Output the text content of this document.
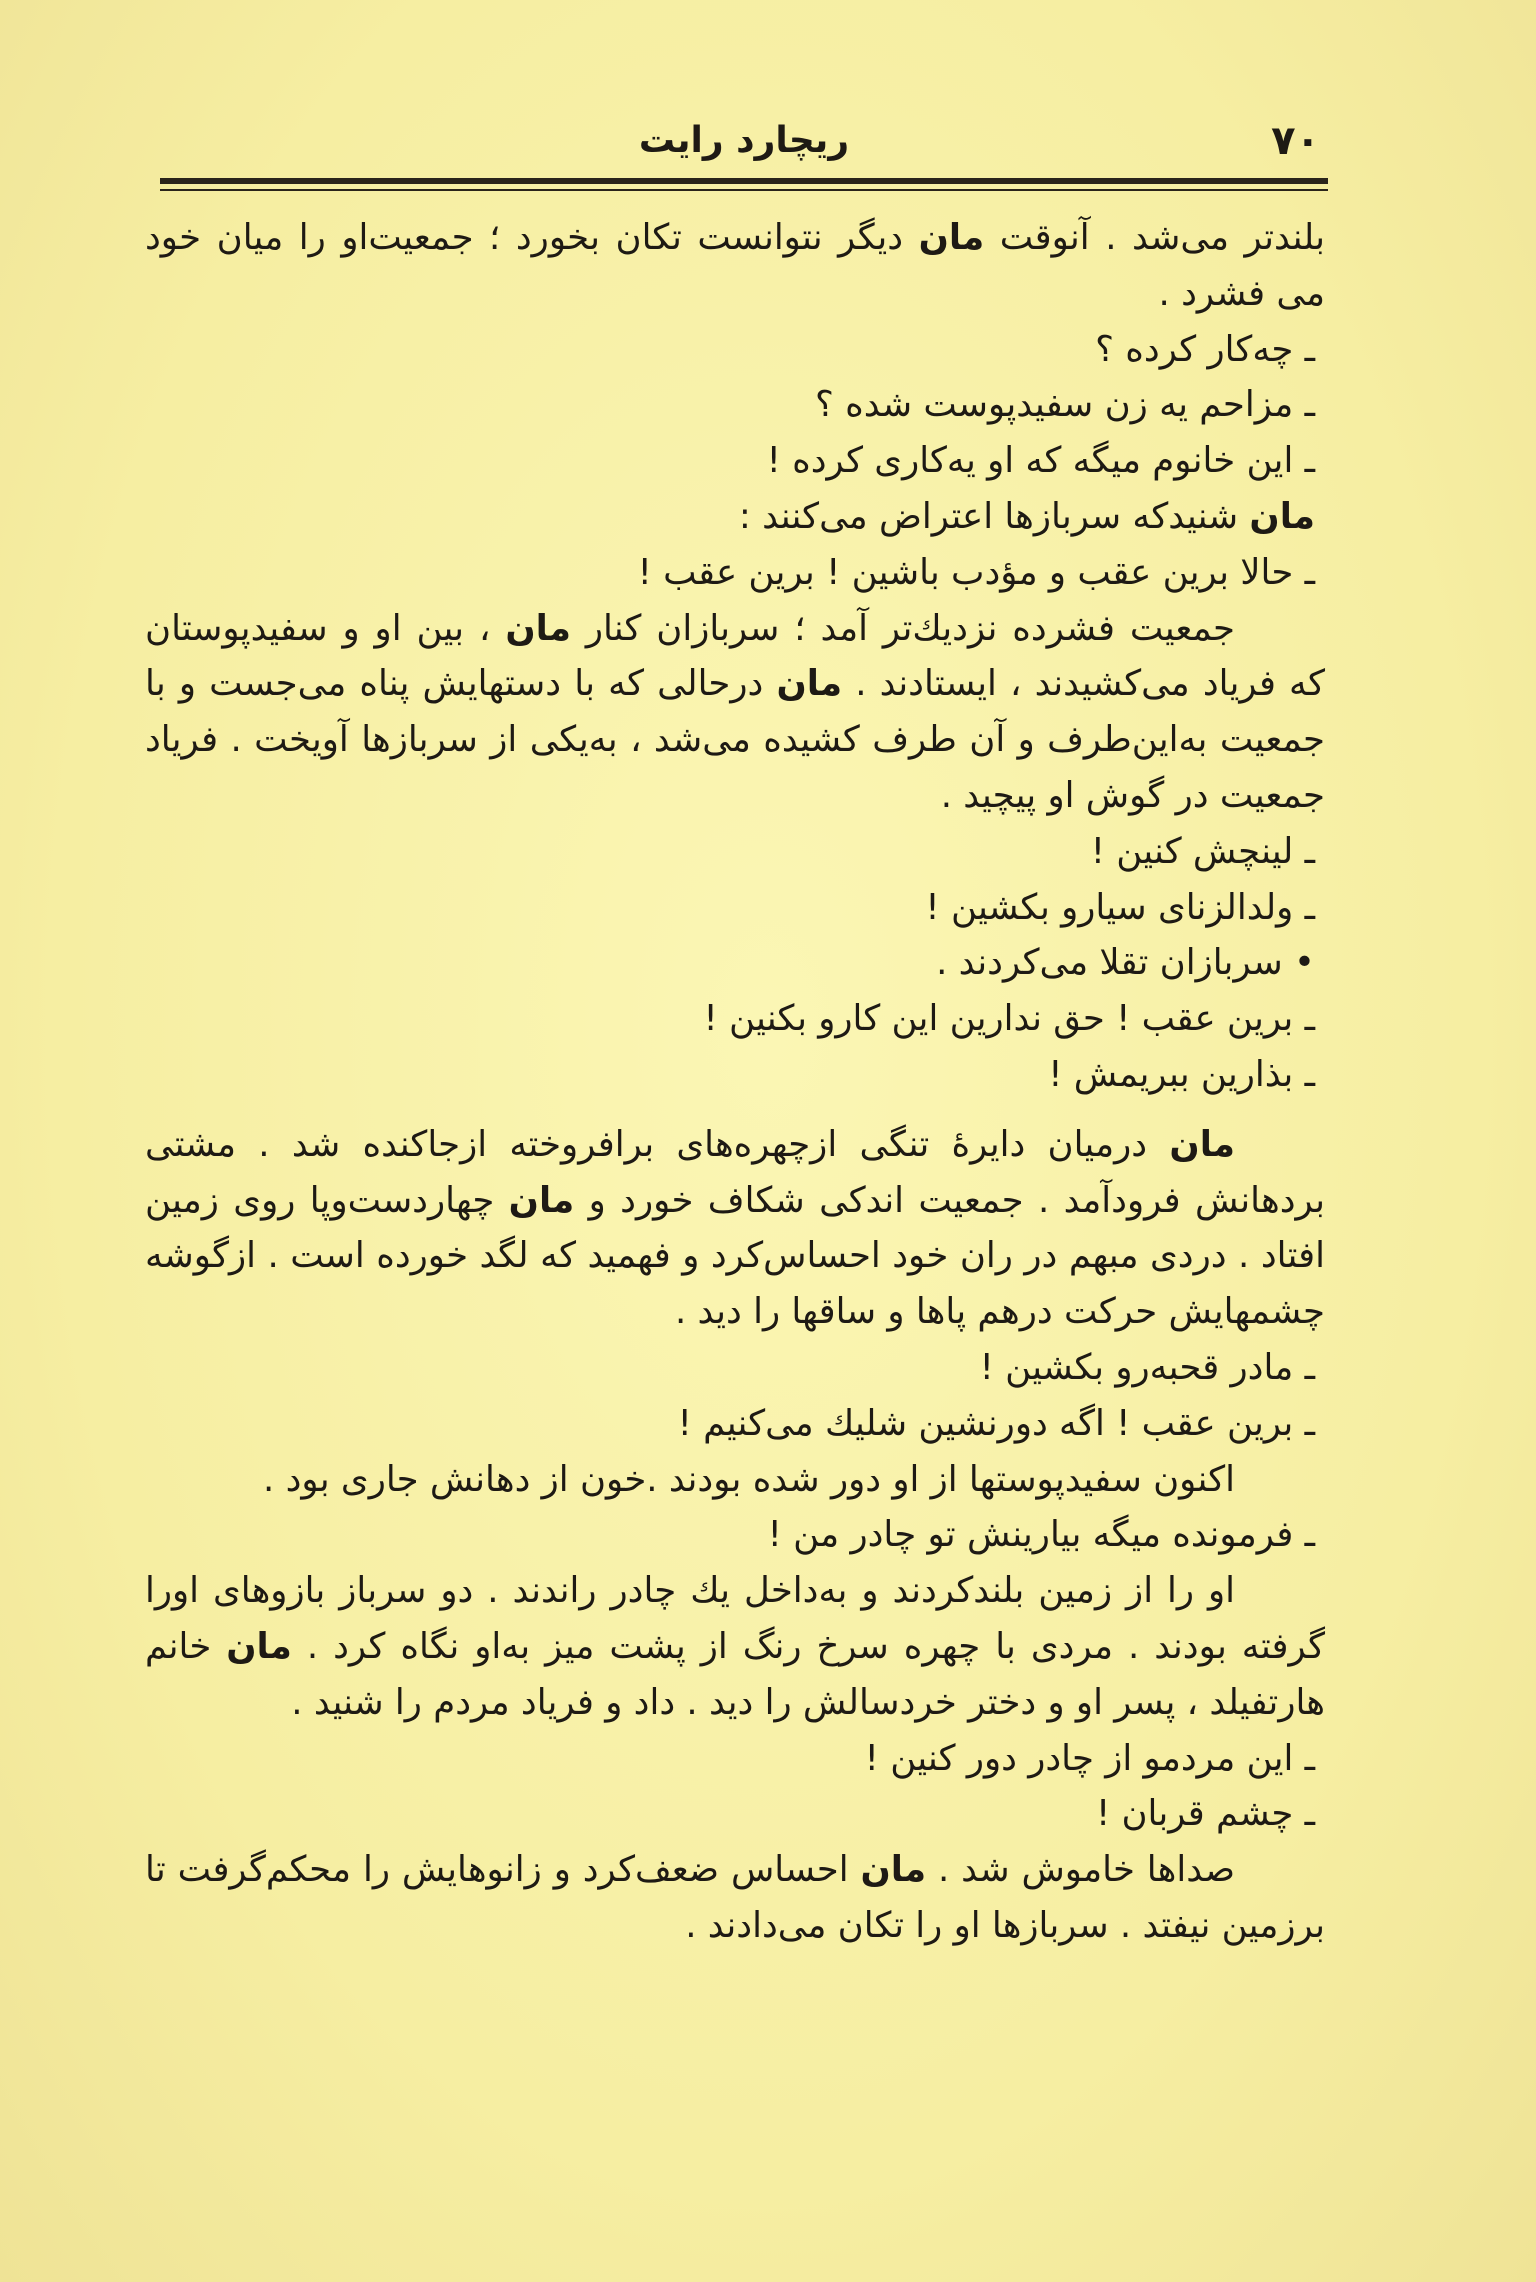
۷۰
ریچارد رایت

بلندتر می‌شد . آنوقت مان دیگر نتوانست تکان بخورد ؛ جمعیت‌او را میان خود می فشرد .

ـ چه‌کار کرده ؟

ـ مزاحم یه زن سفیدپوست شده ؟

ـ این خانوم میگه که او یه‌کاری کرده !

مان شنیدکه سربازها اعتراض می‌کنند :

ـ حالا برین عقب و مؤدب باشین ! برین عقب !

جمعیت فشرده نزدیك‌تر آمد ؛ سربازان کنار مان ، بین او و سفیدپوستان که فریاد می‌کشیدند ، ایستادند . مان درحالی که با دستهایش پناه می‌جست و با جمعیت به‌این‌طرف و آن طرف کشیده می‌شد ، به‌یکی از سربازها آویخت . فریاد جمعیت در گوش او پیچید .

ـ لینچش کنین !

ـ ولدالزنای سیارو بکشین !

• سربازان تقلا می‌کردند .

ـ برین عقب ! حق ندارین این کارو بکنین !

ـ بذارین ببریمش !

مان درمیان دایرهٔ تنگی ازچهره‌های برافروخته ازجاکنده شد . مشتی بردهانش فرودآمد . جمعیت اندکی شکاف خورد و مان چهاردست‌وپا روی زمین افتاد . دردی مبهم در ران خود احساس‌کرد و فهمید که لگد خورده است . ازگوشه چشمهایش حرکت درهم پاها و ساقها را دید .

ـ مادر قحبه‌رو بکشین !

ـ برین عقب ! اگه دورنشین شلیك می‌کنیم !

اکنون سفیدپوستها از او دور شده بودند .خون از دهانش جاری بود .

ـ فرمونده میگه بیارینش تو چادر من !

او را از زمین بلندکردند و به‌داخل یك چادر راندند . دو سرباز بازوهای اورا گرفته بودند . مردی با چهره سرخ رنگ از پشت میز به‌او نگاه کرد . مان خانم هارتفیلد ، پسر او و دختر خردسالش را دید . داد و فریاد مردم را شنید .

ـ این مردمو از چادر دور کنین !

ـ چشم قربان !

صداها خاموش شد . مان احساس ضعف‌کرد و زانوهایش را محکم‌گرفت تا برزمین نیفتد . سربازها او را تکان می‌دادند .
